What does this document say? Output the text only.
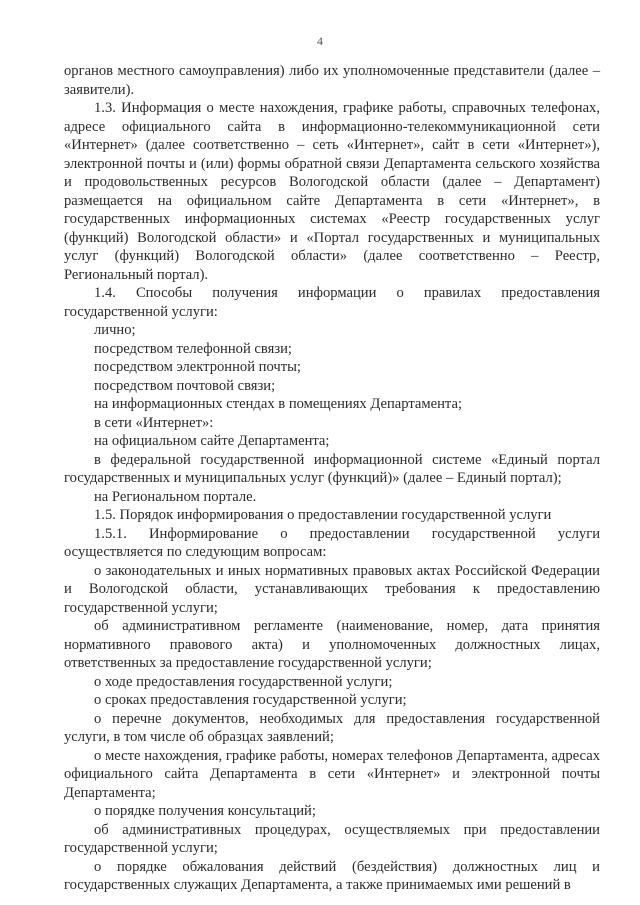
4

органов местного самоуправления) либо их уполномоченные представители (далее – заявители).

1.3. Информация о месте нахождения, графике работы, справочных телефонах, адресе официального сайта в информационно-телекоммуникационной сети «Интернет» (далее соответственно – сеть «Интернет», сайт в сети «Интернет»), электронной почты и (или) формы обратной связи Департамента сельского хозяйства и продовольственных ресурсов Вологодской области (далее – Департамент) размещается на официальном сайте Департамента в сети «Интернет», в государственных информационных системах «Реестр государственных услуг (функций) Вологодской области» и «Портал государственных и муниципальных услуг (функций) Вологодской области» (далее соответственно – Реестр, Региональный портал).

1.4. Способы получения информации о правилах предоставления государственной услуги:

лично;

посредством телефонной связи;

посредством электронной почты;

посредством почтовой связи;

на информационных стендах в помещениях Департамента;

в сети «Интернет»:

на официальном сайте Департамента;

в федеральной государственной информационной системе «Единый портал государственных и муниципальных услуг (функций)» (далее – Единый портал);

на Региональном портале.

1.5. Порядок информирования о предоставлении государственной услуги

1.5.1. Информирование о предоставлении государственной услуги осуществляется по следующим вопросам:

о законодательных и иных нормативных правовых актах Российской Федерации и Вологодской области, устанавливающих требования к предоставлению государственной услуги;

об административном регламенте (наименование, номер, дата принятия нормативного правового акта) и уполномоченных должностных лицах, ответственных за предоставление государственной услуги;

о ходе предоставления государственной услуги;

о сроках предоставления государственной услуги;

о перечне документов, необходимых для предоставления государственной услуги, в том числе об образцах заявлений;

о месте нахождения, графике работы, номерах телефонов Департамента, адресах официального сайта Департамента в сети «Интернет» и электронной почты Департамента;

о порядке получения консультаций;

об административных процедурах, осуществляемых при предоставлении государственной услуги;

о порядке обжалования действий (бездействия) должностных лиц и государственных служащих Департамента, а также принимаемых ими решений в
